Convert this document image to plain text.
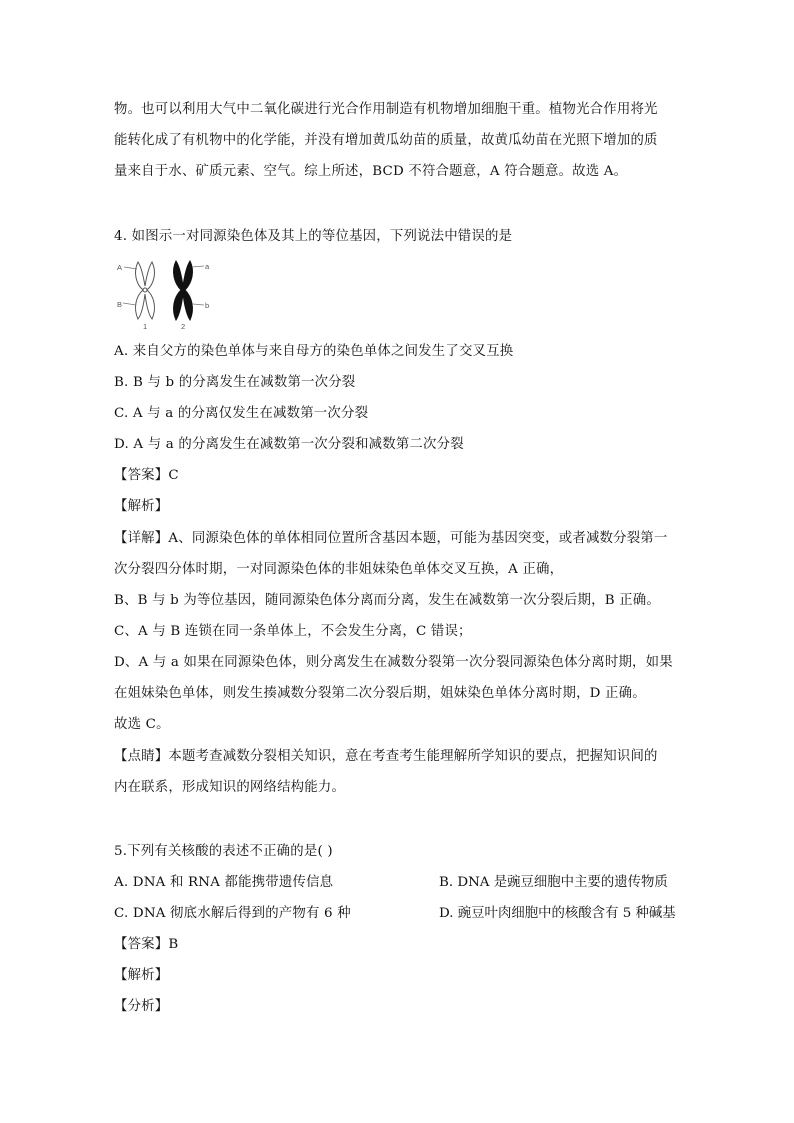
物。也可以利用大气中二氧化碳进行光合作用制造有机物增加细胞干重。植物光合作用将光
能转化成了有机物中的化学能，并没有增加黄瓜幼苗的质量，故黄瓜幼苗在光照下增加的质
量来自于水、矿质元素、空气。综上所述，BCD 不符合题意，A 符合题意。故选 A。
4. 如图示一对同源染色体及其上的等位基因，下列说法中错误的是
A	a
B	b
1	2
A. 来自父方的染色单体与来自母方的染色单体之间发生了交叉互换
B. B 与 b 的分离发生在减数第一次分裂
C. A 与 a 的分离仅发生在减数第一次分裂
D. A 与 a 的分离发生在减数第一次分裂和减数第二次分裂
【答案】C
【解析】
【详解】A、同源染色体的单体相同位置所含基因本题，可能为基因突变，或者减数分裂第一
次分裂四分体时期，一对同源染色体的非姐妹染色单体交叉互换，A 正确，
B、B 与 b 为等位基因，随同源染色体分离而分离，发生在减数第一次分裂后期，B 正确。
C、A 与 B 连锁在同一条单体上，不会发生分离，C 错误；
D、A 与 a 如果在同源染色体，则分离发生在减数分裂第一次分裂同源染色体分离时期，如果
在姐妹染色单体，则发生揍减数分裂第二次分裂后期，姐妹染色单体分离时期，D 正确。
故选 C。
【点睛】本题考查减数分裂相关知识，意在考查考生能理解所学知识的要点，把握知识间的
内在联系，形成知识的网络结构能力。
5.下列有关核酸的表述不正确的是( )
A. DNA 和 RNA 都能携带遗传信息	B. DNA 是豌豆细胞中主要的遗传物质
C. DNA 彻底水解后得到的产物有 6 种	D. 豌豆叶肉细胞中的核酸含有 5 种碱基
【答案】B
【解析】
【分析】
